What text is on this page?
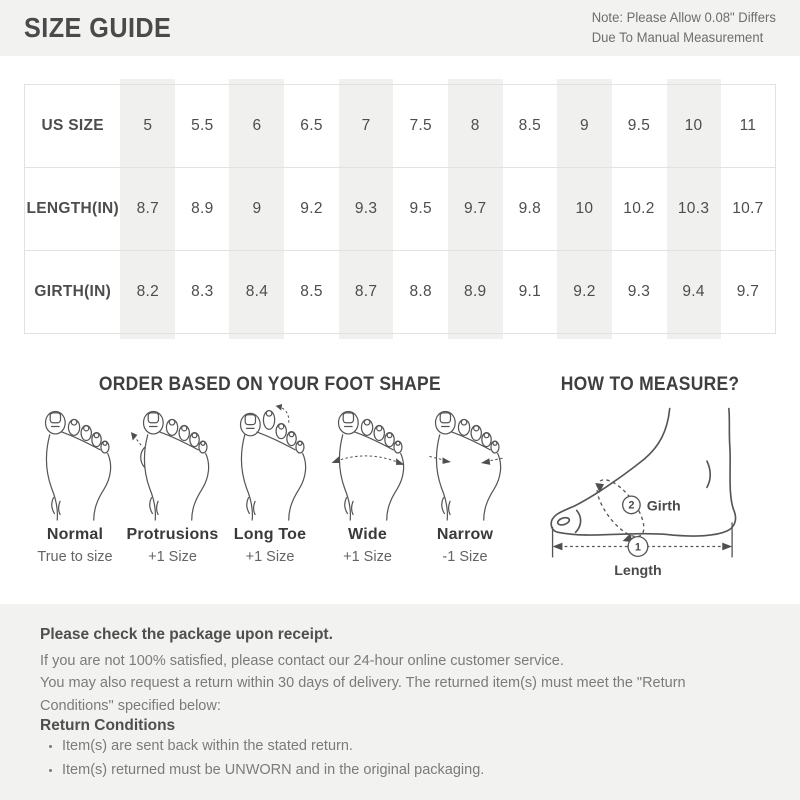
SIZE GUIDE	Note: Please Allow 0.08" Differs
Due To Manual Measurement
US SIZE	5	5.5	6	6.5	7	7.5	8	8.5	9	9.5	10	11
LENGTH(IN)	8.7	8.9	9	9.2	9.3	9.5	9.7	9.8	10	10.2	10.3	10.7
GIRTH(IN)	8.2	8.3	8.4	8.5	8.7	8.8	8.9	9.1	9.2	9.3	9.4	9.7
ORDER BASED ON YOUR FOOT SHAPE
Normal
True to size
Protrusions
+1 Size
Long Toe
+1 Size
Wide
+1 Size
Narrow
-1 Size
HOW TO MEASURE?
2 Girth
1
Length

Please check the package upon receipt.

If you are not 100% satisfied, please contact our 24-hour online customer service.

You may also request a return within 30 days of delivery. The returned item(s) must meet the "Return Conditions" specified below:

Return Conditions

• Item(s) are sent back within the stated return.
• Item(s) returned must be UNWORN and in the original packaging.
